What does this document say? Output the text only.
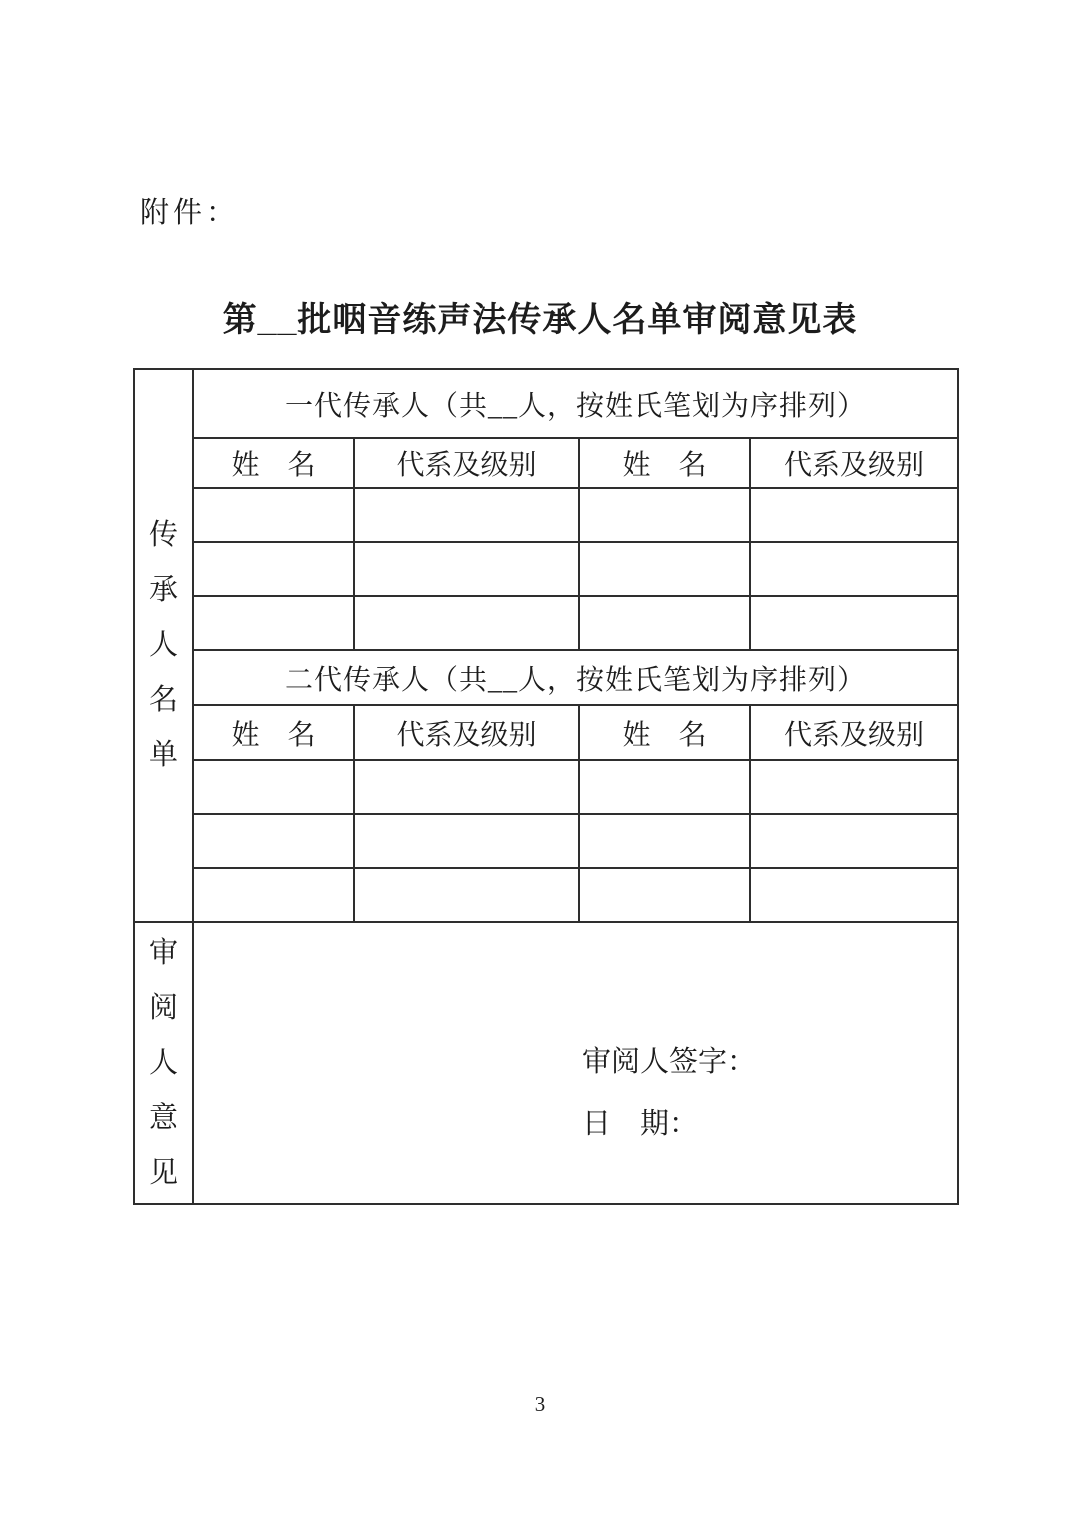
附件：
第__批咽音练声法传承人名单审阅意见表
传承人名单	一代传承人（共__人，按姓氏笔划为序排列）			
	姓　名	代系及级别	姓　名	代系及级别

	二代传承人（共__人，按姓氏笔划为序排列）			
	姓　名	代系及级别	姓　名	代系及级别

审阅人意见	审阅人签字：
日　期：			
3
